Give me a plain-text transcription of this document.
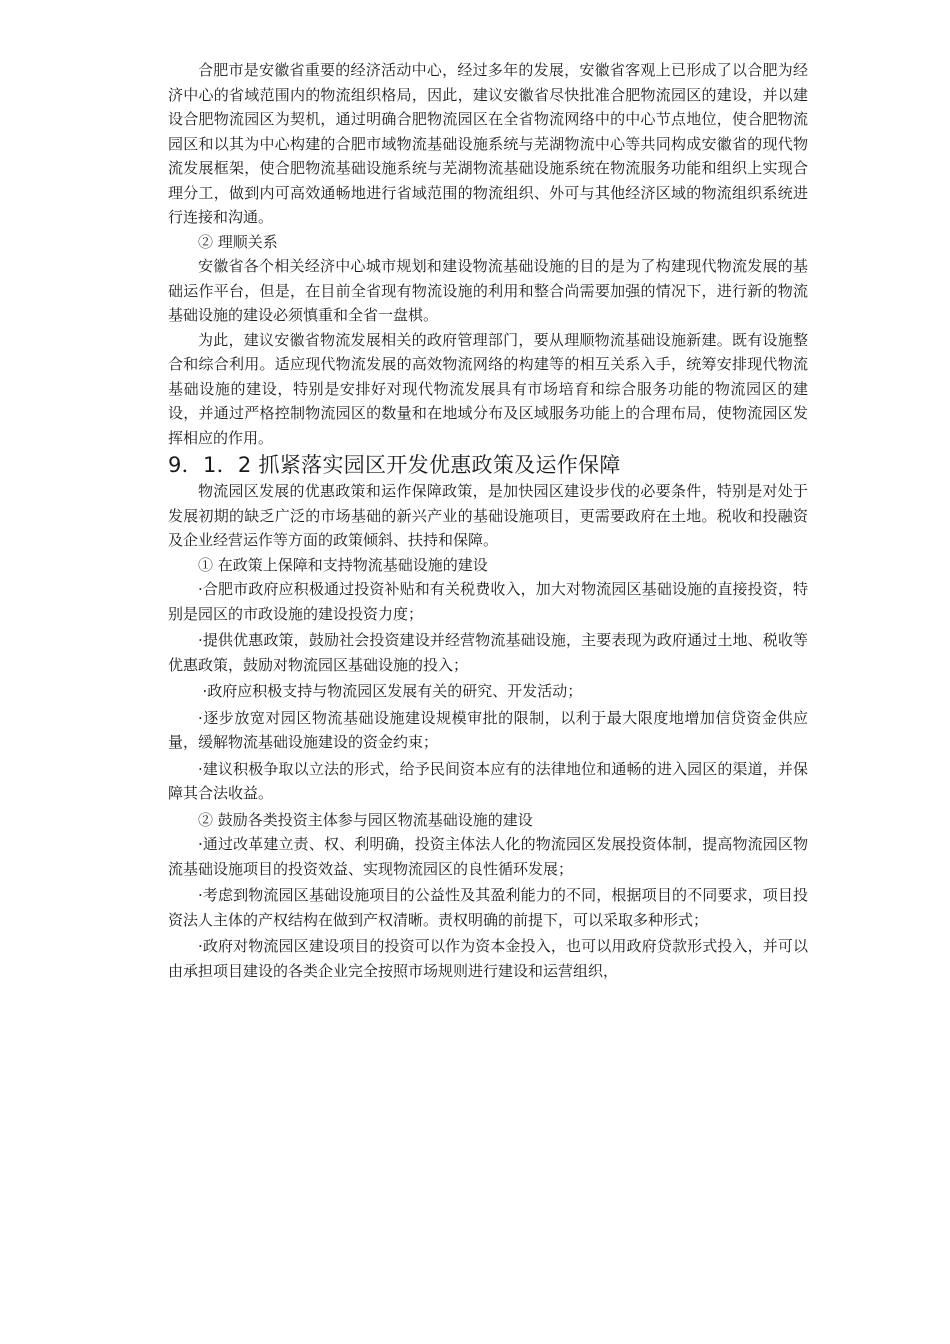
合肥市是安徽省重要的经济活动中心，经过多年的发展，安徽省客观上已形成了以合肥为经济中心的省域范围内的物流组织格局，因此，建议安徽省尽快批准合肥物流园区的建设，并以建设合肥物流园区为契机，通过明确合肥物流园区在全省物流网络中的中心节点地位，使合肥物流园区和以其为中心构建的合肥市域物流基础设施系统与芜湖物流中心等共同构成安徽省的现代物流发展框架，使合肥物流基础设施系统与芜湖物流基础设施系统在物流服务功能和组织上实现合理分工，做到内可高效通畅地进行省域范围的物流组织、外可与其他经济区域的物流组织系统进行连接和沟通。

② 理顺关系

安徽省各个相关经济中心城市规划和建设物流基础设施的目的是为了构建现代物流发展的基础运作平台，但是，在目前全省现有物流设施的利用和整合尚需要加强的情况下，进行新的物流基础设施的建设必须慎重和全省一盘棋。

为此，建议安徽省物流发展相关的政府管理部门，要从理顺物流基础设施新建。既有设施整合和综合利用。适应现代物流发展的高效物流网络的构建等的相互关系入手，统筹安排现代物流基础设施的建设，特别是安排好对现代物流发展具有市场培育和综合服务功能的物流园区的建设，并通过严格控制物流园区的数量和在地域分布及区域服务功能上的合理布局，使物流园区发挥相应的作用。

9．1．2 抓紧落实园区开发优惠政策及运作保障

物流园区发展的优惠政策和运作保障政策，是加快园区建设步伐的必要条件，特别是对处于发展初期的缺乏广泛的市场基础的新兴产业的基础设施项目，更需要政府在土地。税收和投融资及企业经营运作等方面的政策倾斜、扶持和保障。

① 在政策上保障和支持物流基础设施的建设

·合肥市政府应积极通过投资补贴和有关税费收入，加大对物流园区基础设施的直接投资，特别是园区的市政设施的建设投资力度；

·提供优惠政策，鼓励社会投资建设并经营物流基础设施，主要表现为政府通过土地、税收等优惠政策，鼓励对物流园区基础设施的投入；

·政府应积极支持与物流园区发展有关的研究、开发活动；

·逐步放宽对园区物流基础设施建设规模审批的限制，以利于最大限度地增加信贷资金供应量，缓解物流基础设施建设的资金约束；

·建议积极争取以立法的形式，给予民间资本应有的法律地位和通畅的进入园区的渠道，并保障其合法收益。

② 鼓励各类投资主体参与园区物流基础设施的建设

·通过改革建立责、权、利明确，投资主体法人化的物流园区发展投资体制，提高物流园区物流基础设施项目的投资效益、实现物流园区的良性循环发展；

·考虑到物流园区基础设施项目的公益性及其盈利能力的不同，根据项目的不同要求，项目投资法人主体的产权结构在做到产权清晰。责权明确的前提下，可以采取多种形式；

·政府对物流园区建设项目的投资可以作为资本金投入，也可以用政府贷款形式投入，并可以由承担项目建设的各类企业完全按照市场规则进行建设和运营组织，
